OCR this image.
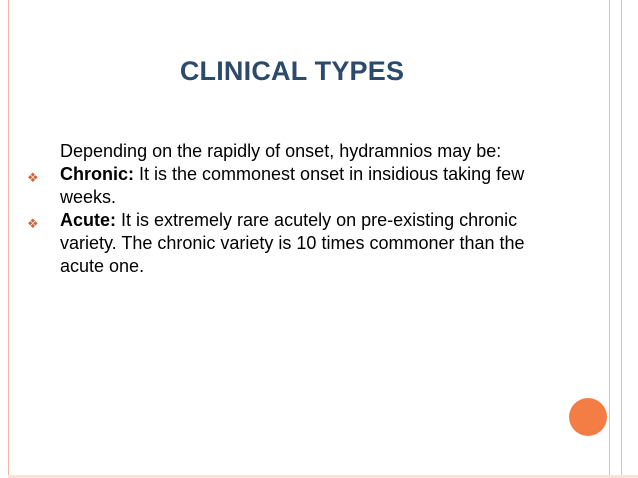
CLINICAL TYPES
Depending on the rapidly of onset, hydramnios may be:
❖	Chronic: It is the commonest onset in insidious taking few weeks.
❖	Acute: It is extremely rare acutely on pre-existing chronic variety. The chronic variety is 10 times commoner than the acute one.
